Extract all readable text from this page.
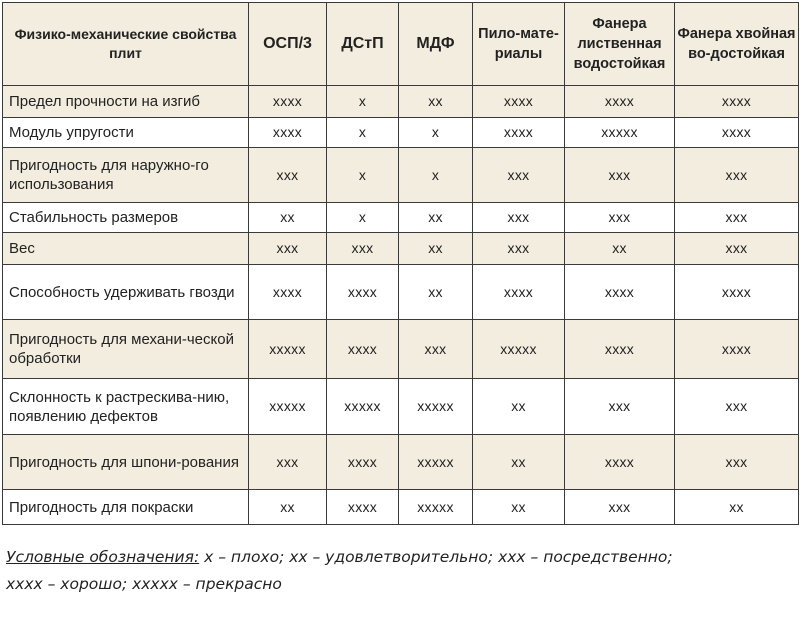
Физико-механические свойства плит	ОСП/3	ДСтП	МДФ	Пило-мате-риалы	Фанера лиственная водостойкая	Фанера хвойная во-достойкая
Предел прочности на изгиб	хххх	х	хх	хххх	хххх	хххх
Модуль упругости	хххх	х	х	хххх	ххххх	хххх
Пригодность для наружно-го использования	ххх	х	х	ххх	ххх	ххх
Стабильность размеров	хх	х	хх	ххх	ххх	ххх
Вес	ххх	ххх	хх	ххх	хх	ххх
Способность удерживать гвозди	хххх	хххх	хх	хххх	хххх	хххх
Пригодность для механи-ческой обработки	ххххх	хххх	ххх	ххххх	хххх	хххх
Склонность к растрескива-нию, появлению дефектов	ххххх	ххххх	ххххх	хх	ххх	ххх
Пригодность для шпони-рования	ххх	хххх	ххххх	хх	хххх	ххх
Пригодность для покраски	хх	хххх	ххххх	хх	ххх	хх
Условные обозначения: х – плохо; хх – удовлетворительно; ххх – посредственно;
хххх – хорошо; ххххх – прекрасно
